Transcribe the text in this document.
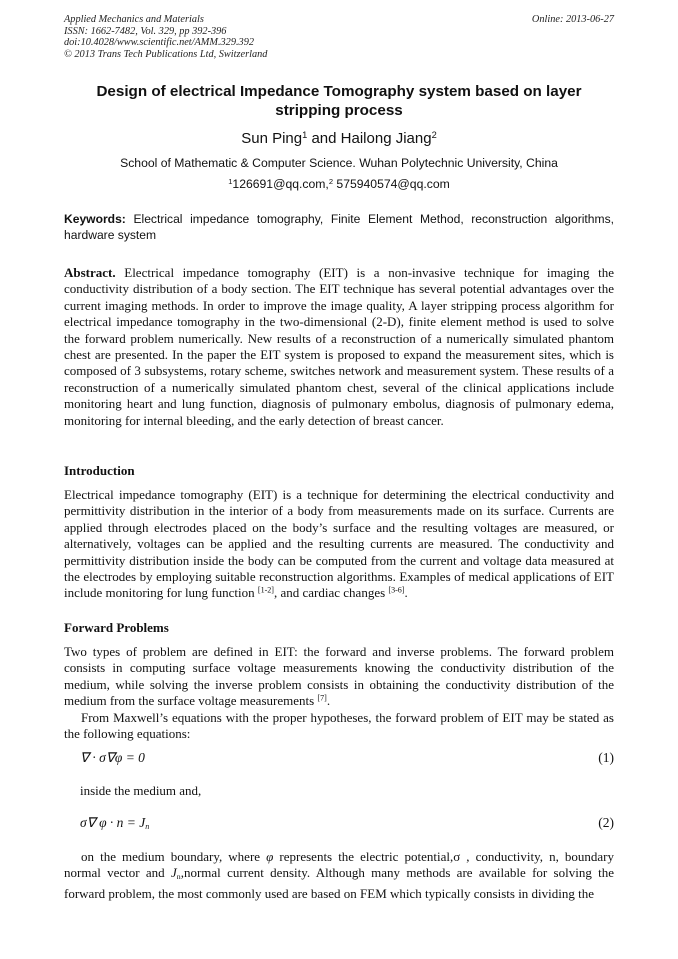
Applied Mechanics and Materials
ISSN: 1662-7482, Vol. 329, pp 392-396
doi:10.4028/www.scientific.net/AMM.329.392
© 2013 Trans Tech Publications Ltd, Switzerland
Online: 2013-06-27
Design of electrical Impedance Tomography system based on layer stripping process
Sun Ping$^1$ and Hailong Jiang$^2$
School of Mathematic & Computer Science. Wuhan Polytechnic University, China
$^1$126691@qq.com,$^2$ 575940574@qq.com
Keywords: Electrical impedance tomography, Finite Element Method, reconstruction algorithms, hardware system
Abstract. Electrical impedance tomography (EIT) is a non-invasive technique for imaging the conductivity distribution of a body section. The EIT technique has several potential advantages over the current imaging methods. In order to improve the image quality, A layer stripping process algorithm for electrical impedance tomography in the two-dimensional (2-D), finite element method is used to solve the forward problem numerically. New results of a reconstruction of a numerically simulated phantom chest are presented. In the paper the EIT system is proposed to expand the measurement sites, which is composed of 3 subsystems, rotary scheme, switches network and measurement system. These results of a reconstruction of a numerically simulated phantom chest, several of the clinical applications include monitoring heart and lung function, diagnosis of pulmonary embolus, diagnosis of pulmonary edema, monitoring for internal bleeding, and the early detection of breast cancer.
Introduction
Electrical impedance tomography (EIT) is a technique for determining the electrical conductivity and permittivity distribution in the interior of a body from measurements made on its surface. Currents are applied through electrodes placed on the body’s surface and the resulting voltages are measured, or alternatively, voltages can be applied and the resulting currents are measured. The conductivity and permittivity distribution inside the body can be computed from the current and voltage data measured at the electrodes by employing suitable reconstruction algorithms. Examples of medical applications of EIT include monitoring for lung function [1-2], and cardiac changes [3-6].
Forward Problems
Two types of problem are defined in EIT: the forward and inverse problems. The forward problem consists in computing surface voltage measurements knowing the conductivity distribution of the medium, while solving the inverse problem consists in obtaining the conductivity distribution of the medium from the surface voltage measurements [7].
From Maxwell’s equations with the proper hypotheses, the forward problem of EIT may be stated as the following equations:
∇ · σ∇φ = 0	(1)
inside the medium and,
σ∇ $\varphi \cdot n = J_n$	(2)
on the medium boundary, where φ represents the electric potential,σ , conductivity, n, boundary normal vector and $J_n,normal$ current density. Although many methods are available for solving the forward problem, the most commonly used are based on FEM which typically consists in dividing the
